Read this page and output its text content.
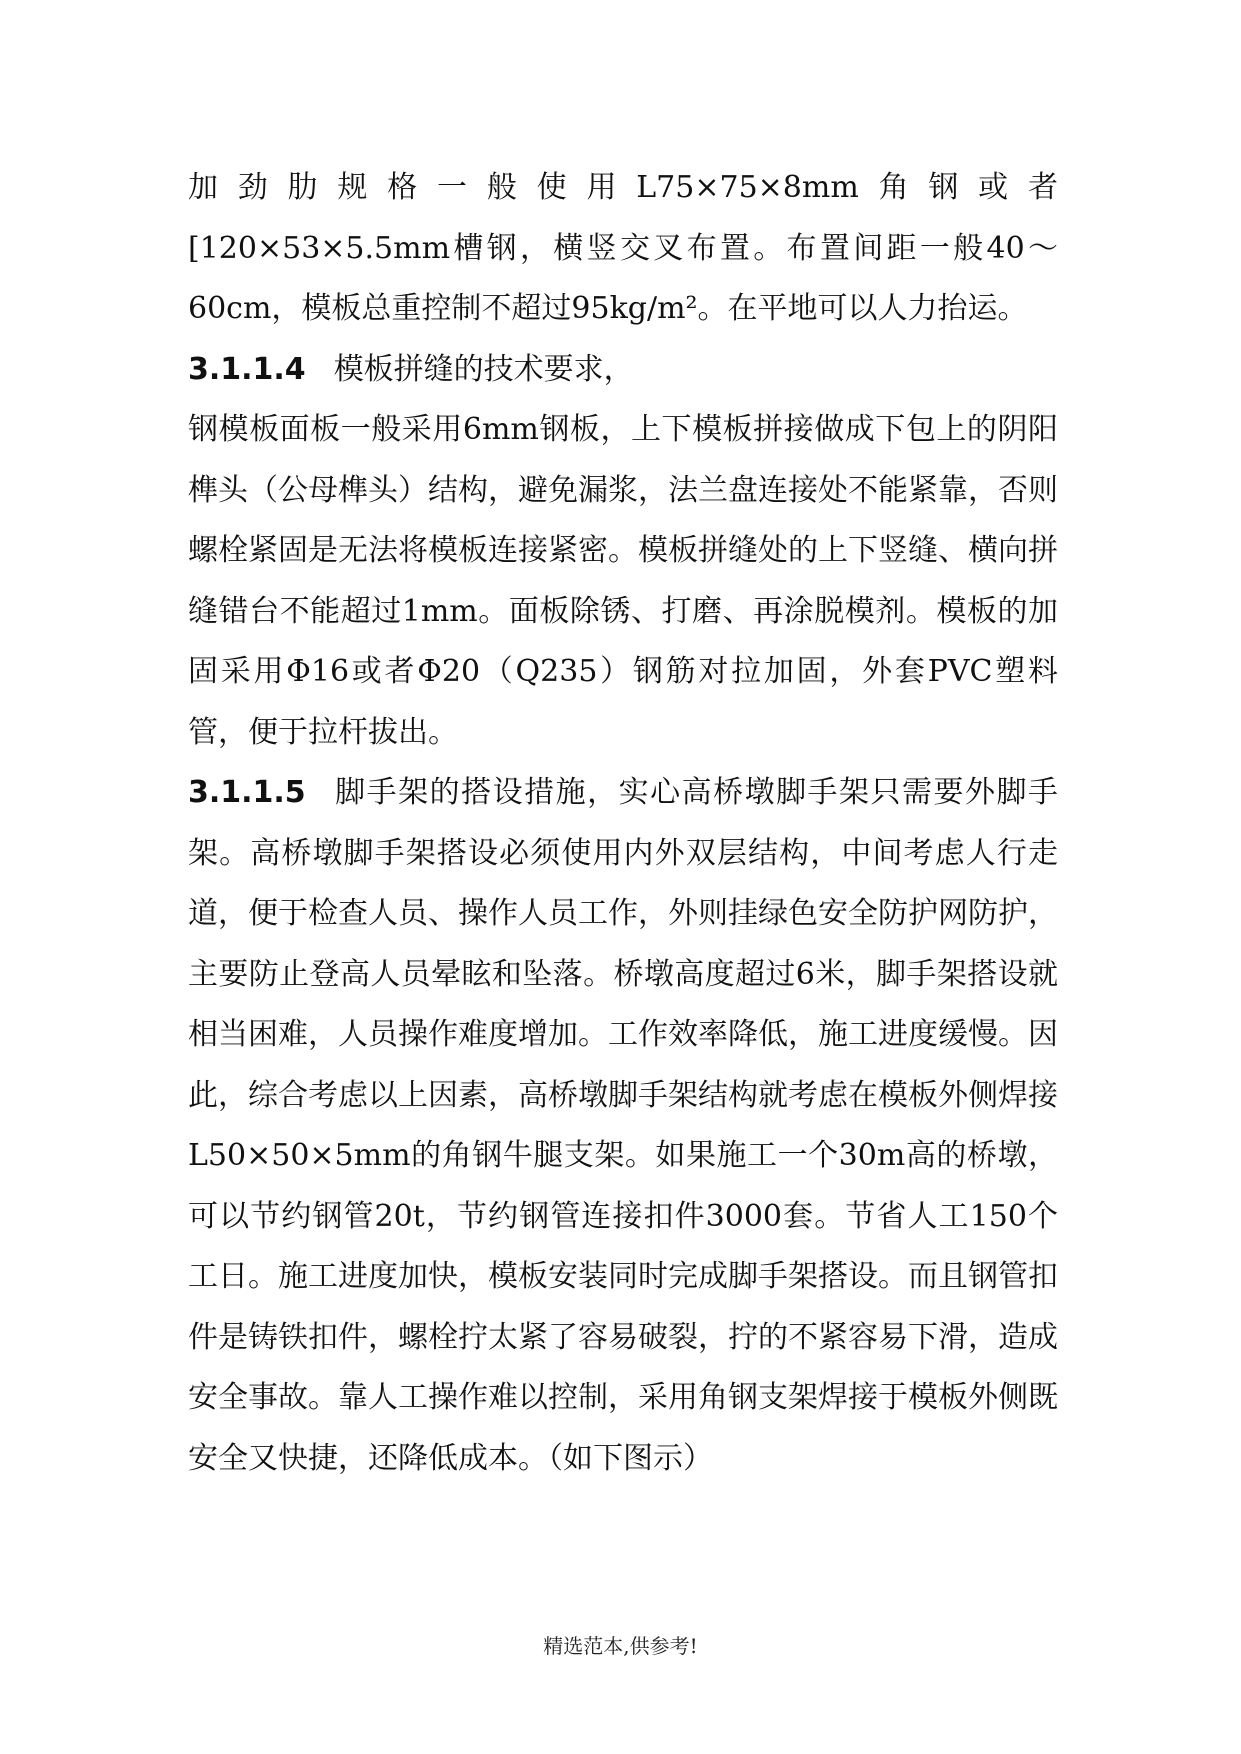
加劲肋规格一般使用L75×75×8mm角钢或者[120×53×5.5mm槽钢，横竖交叉布置。布置间距一般40～60cm，模板总重控制不超过95kg/m²。在平地可以人力抬运。

3.1.1.4 模板拼缝的技术要求，

钢模板面板一般采用6mm钢板，上下模板拼接做成下包上的阴阳榫头（公母榫头）结构，避免漏浆，法兰盘连接处不能紧靠，否则螺栓紧固是无法将模板连接紧密。模板拼缝处的上下竖缝、横向拼缝错台不能超过1mm。面板除锈、打磨、再涂脱模剂。模板的加固采用Φ16或者Φ20（Q235）钢筋对拉加固，外套PVC塑料管，便于拉杆拔出。

3.1.1.5 脚手架的搭设措施，实心高桥墩脚手架只需要外脚手架。高桥墩脚手架搭设必须使用内外双层结构，中间考虑人行走道，便于检查人员、操作人员工作，外则挂绿色安全防护网防护，主要防止登高人员晕眩和坠落。桥墩高度超过6米，脚手架搭设就相当困难，人员操作难度增加。工作效率降低，施工进度缓慢。因此，综合考虑以上因素，高桥墩脚手架结构就考虑在模板外侧焊接L50×50×5mm的角钢牛腿支架。如果施工一个30m高的桥墩，可以节约钢管20t，节约钢管连接扣件3000套。节省人工150个工日。施工进度加快，模板安装同时完成脚手架搭设。而且钢管扣件是铸铁扣件，螺栓拧太紧了容易破裂，拧的不紧容易下滑，造成安全事故。靠人工操作难以控制，采用角钢支架焊接于模板外侧既安全又快捷，还降低成本。（如下图示）

精选范本,供参考!
